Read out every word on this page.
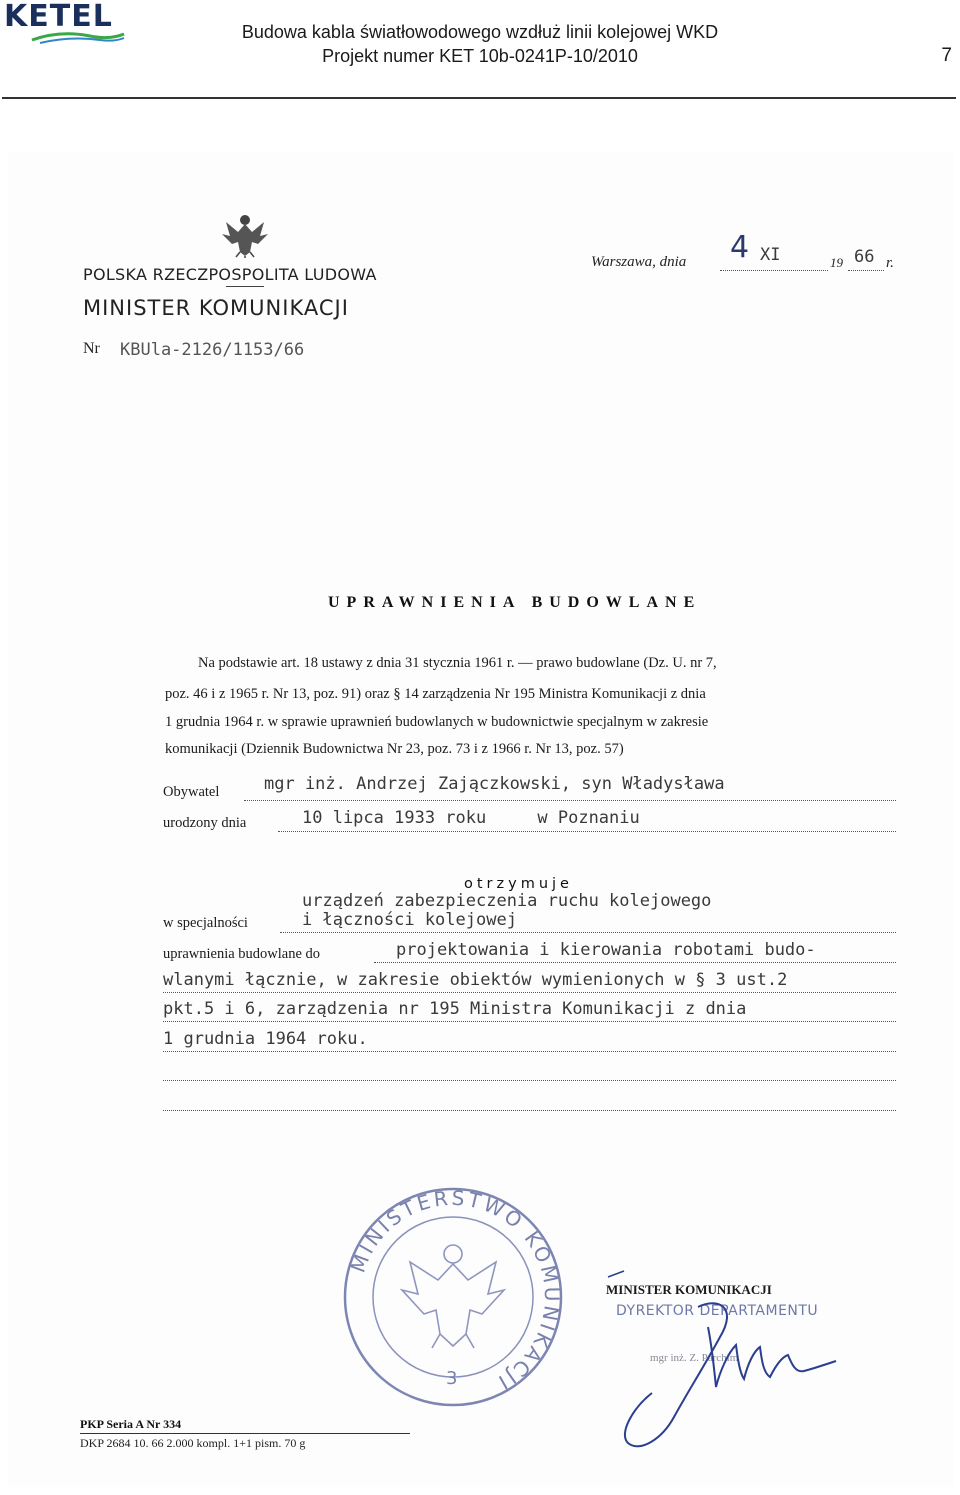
KETEL	Budowa kabla światłowodowego wzdłuż linii kolejowej WKD
Projekt numer KET 10b-0241P-10/2010	7
POLSKA RZECZPOSPOLITA LUDOWA
MINISTER KOMUNIKACJI
Nr KBUla-2126/1153/66
Warszawa, dnia 4 XI	19 66 r.
UPRAWNIENIA BUDOWLANE
Na podstawie art. 18 ustawy z dnia 31 stycznia 1961 r. — prawo budowlane (Dz. U. nr 7,
poz. 46 i z 1965 r. Nr 13, poz. 91) oraz § 14 zarządzenia Nr 195 Ministra Komunikacji z dnia
1 grudnia 1964 r. w sprawie uprawnień budowlanych w budownictwie specjalnym w zakresie
komunikacji (Dziennik Budownictwa Nr 23, poz. 73 i z 1966 r. Nr 13, poz. 57)
Obywatel	mgr inż. Andrzej Zajączkowski, syn Władysława
urodzony dnia	10 lipca 1933 roku     w Poznaniu
otrzymuje
urządzeń zabezpieczenia ruchu kolejowego
w specjalności	i łączności kolejowej
uprawnienia budowlane do	projektowania i kierowania robotami budo-
wlanymi łącznie, w zakresie obiektów wymienionych w § 3 ust.2
pkt.5 i 6, zarządzenia nr 195 Ministra Komunikacji z dnia
1 grudnia 1964 roku.
MINISTERSTWO KOMUNIKACJI
3
MINISTER KOMUNIKACJI
DYREKTOR DEPARTAMENTU
mgr inż. Z. Parchim
PKP Seria A Nr 334
DKP 2684 10. 66 2.000 kompl. 1+1 pism. 70 g
